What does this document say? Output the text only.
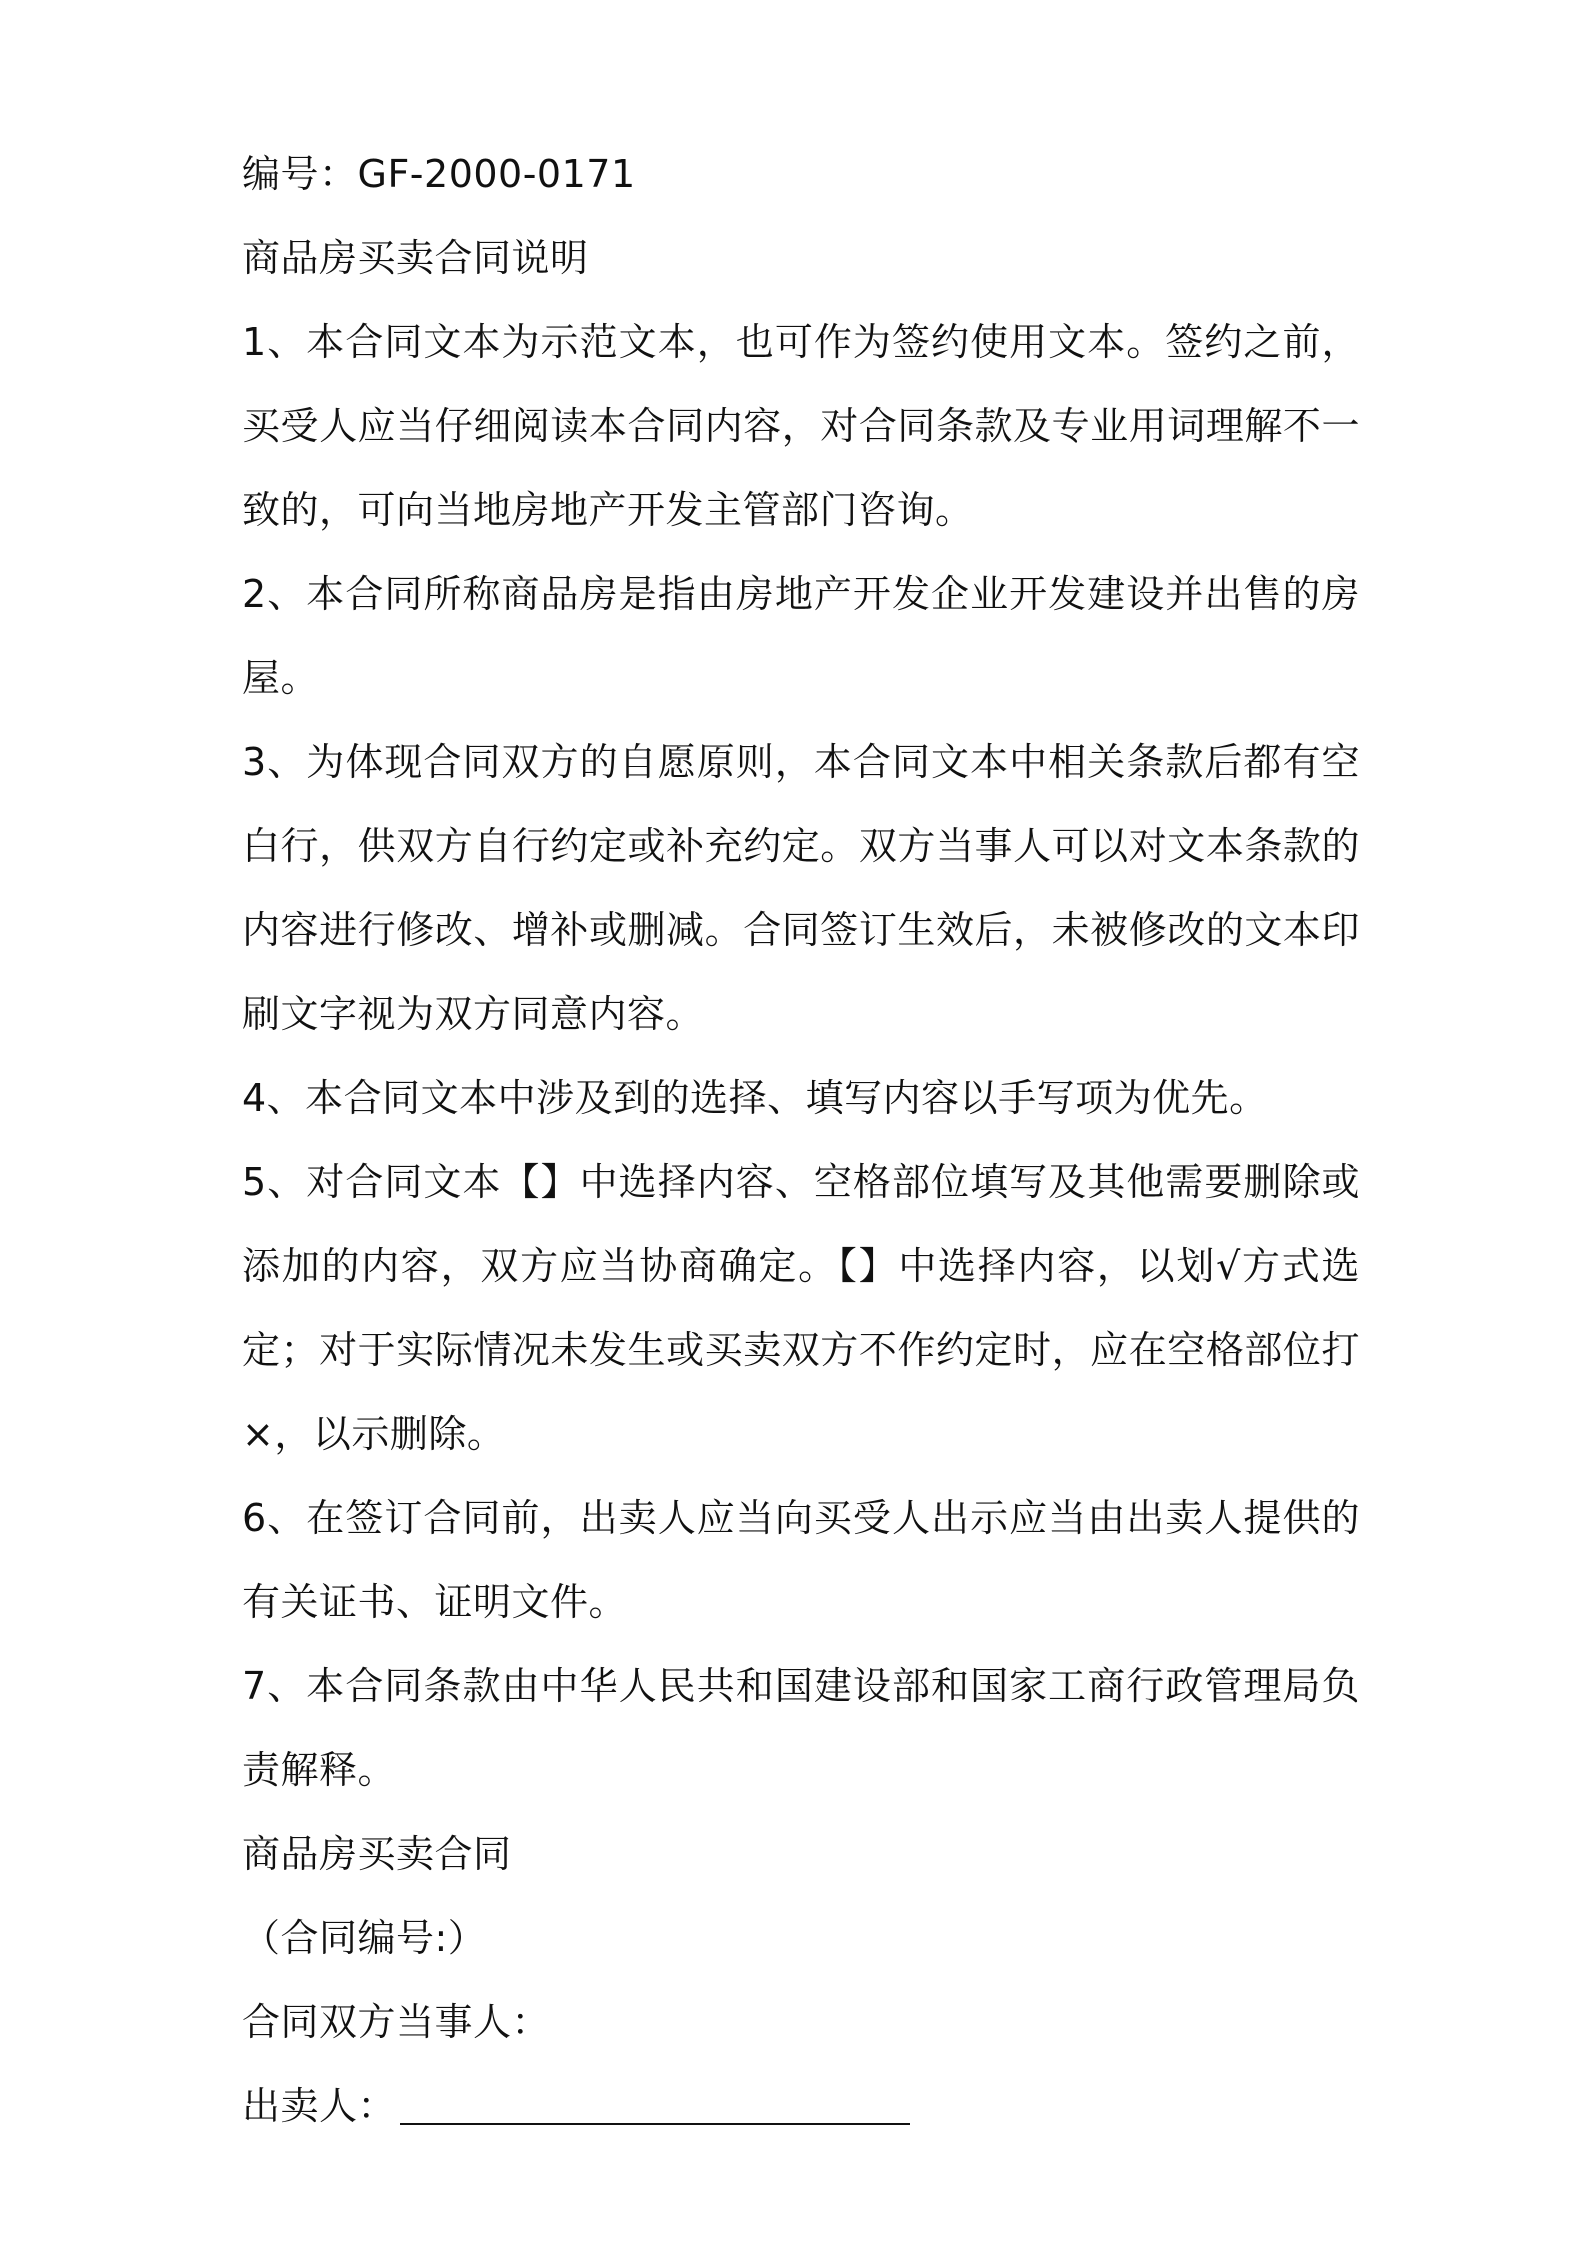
编号：GF-2000-0171

商品房买卖合同说明

1、本合同文本为示范文本，也可作为签约使用文本。签约之前，买受人应当仔细阅读本合同内容，对合同条款及专业用词理解不一致的，可向当地房地产开发主管部门咨询。

2、本合同所称商品房是指由房地产开发企业开发建设并出售的房屋。

3、为体现合同双方的自愿原则，本合同文本中相关条款后都有空白行，供双方自行约定或补充约定。双方当事人可以对文本条款的内容进行修改、增补或删减。合同签订生效后，未被修改的文本印刷文字视为双方同意内容。

4、本合同文本中涉及到的选择、填写内容以手写项为优先。

5、对合同文本【】中选择内容、空格部位填写及其他需要删除或添加的内容，双方应当协商确定。【】中选择内容，以划√方式选定；对于实际情况未发生或买卖双方不作约定时，应在空格部位打×，以示删除。

6、在签订合同前，出卖人应当向买受人出示应当由出卖人提供的有关证书、证明文件。

7、本合同条款由中华人民共和国建设部和国家工商行政管理局负责解释。

商品房买卖合同

（合同编号:）

合同双方当事人：

出卖人：
